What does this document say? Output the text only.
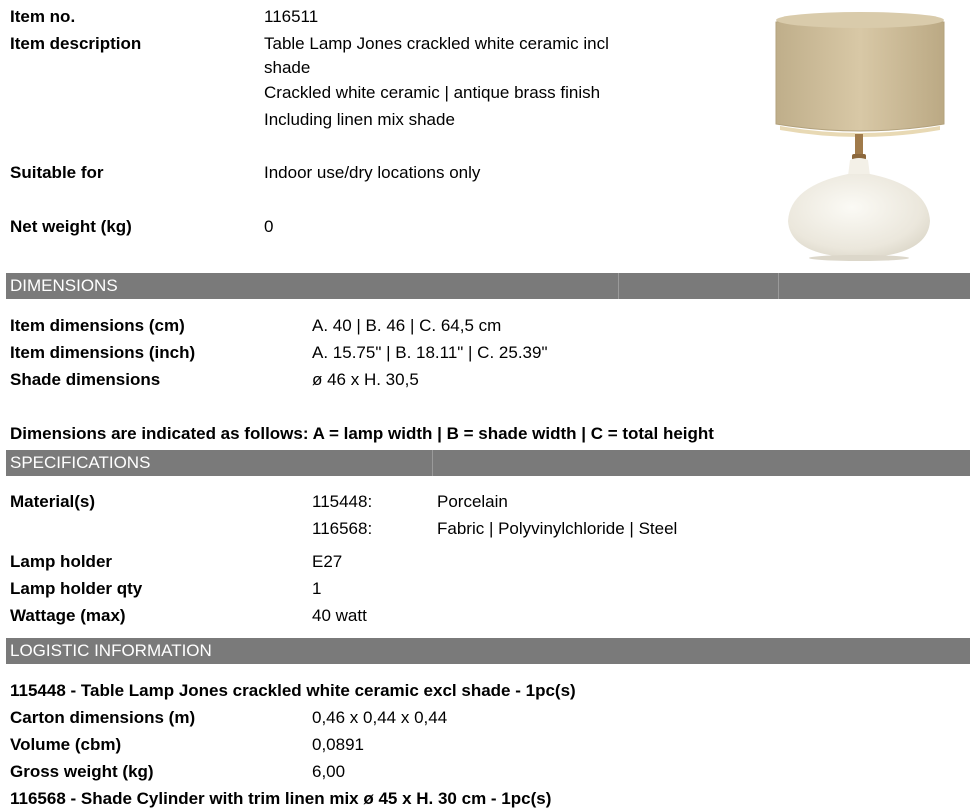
Item no.	116511
Item description	Table Lamp Jones crackled white ceramic incl
shade
Crackled white ceramic | antique brass finish
Including linen mix shade
Suitable for	Indoor use/dry locations only
Net weight (kg)	0
DIMENSIONS
Item dimensions (cm)	A. 40 | B. 46 | C. 64,5 cm
Item dimensions (inch)	A. 15.75" | B. 18.11" | C. 25.39"
Shade dimensions	ø 46 x H. 30,5
Dimensions are indicated as follows: A = lamp width | B = shade width | C = total height
SPECIFICATIONS
Material(s)	115448:	Porcelain
116568:	Fabric | Polyvinylchloride | Steel
Lamp holder	E27
Lamp holder qty	1
Wattage (max)	40 watt
LOGISTIC INFORMATION
115448 - Table Lamp Jones crackled white ceramic excl shade - 1pc(s)
Carton dimensions (m)	0,46 x 0,44 x 0,44
Volume (cbm)	0,0891
Gross weight (kg)	6,00
116568 - Shade Cylinder with trim linen mix ø 45 x H. 30 cm - 1pc(s)
